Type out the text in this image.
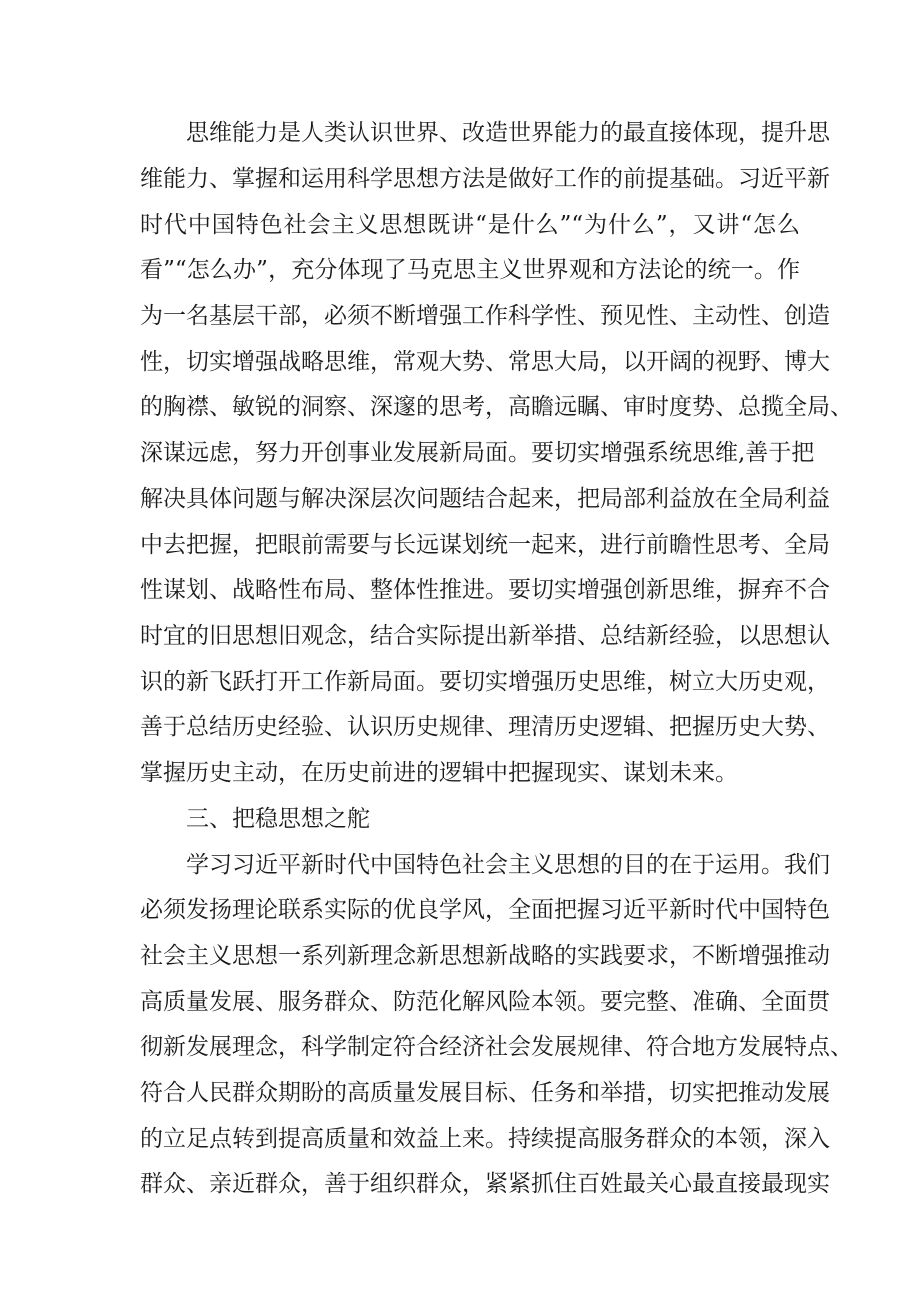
思维能力是人类认识世界、改造世界能力的最直接体现，提升思
维能力、掌握和运用科学思想方法是做好工作的前提基础。习近平新
时代中国特色社会主义思想既讲“是什么”“为什么”，又讲“怎么
看”“怎么办”，充分体现了马克思主义世界观和方法论的统一。作
为一名基层干部，必须不断增强工作科学性、预见性、主动性、创造
性，切实增强战略思维，常观大势、常思大局，以开阔的视野、博大
的胸襟、敏锐的洞察、深邃的思考，高瞻远瞩、审时度势、总揽全局、
深谋远虑，努力开创事业发展新局面。要切实增强系统思维,善于把
解决具体问题与解决深层次问题结合起来，把局部利益放在全局利益
中去把握，把眼前需要与长远谋划统一起来，进行前瞻性思考、全局
性谋划、战略性布局、整体性推进。要切实增强创新思维，摒弃不合
时宜的旧思想旧观念，结合实际提出新举措、总结新经验，以思想认
识的新飞跃打开工作新局面。要切实增强历史思维，树立大历史观，
善于总结历史经验、认识历史规律、理清历史逻辑、把握历史大势、
掌握历史主动，在历史前进的逻辑中把握现实、谋划未来。
三、把稳思想之舵
学习习近平新时代中国特色社会主义思想的目的在于运用。我们
必须发扬理论联系实际的优良学风，全面把握习近平新时代中国特色
社会主义思想一系列新理念新思想新战略的实践要求，不断增强推动
高质量发展、服务群众、防范化解风险本领。要完整、准确、全面贯
彻新发展理念，科学制定符合经济社会发展规律、符合地方发展特点、
符合人民群众期盼的高质量发展目标、任务和举措，切实把推动发展
的立足点转到提高质量和效益上来。持续提高服务群众的本领，深入
群众、亲近群众，善于组织群众，紧紧抓住百姓最关心最直接最现实
